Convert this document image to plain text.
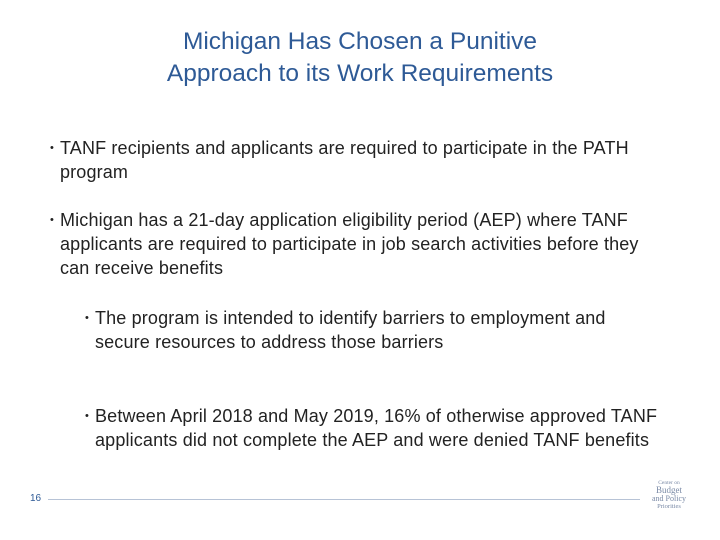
Michigan Has Chosen a Punitive
Approach to its Work Requirements
• TANF recipients and applicants are required to participate in the PATH program
• Michigan has a 21-day application eligibility period (AEP) where TANF applicants are required to participate in job search activities before they can receive benefits
• The program is intended to identify barriers to employment and secure resources to address those barriers
• Between April 2018 and May 2019, 16% of otherwise approved TANF applicants did not complete the AEP and were denied TANF benefits
16
Center on
Budget
and Policy
Priorities
